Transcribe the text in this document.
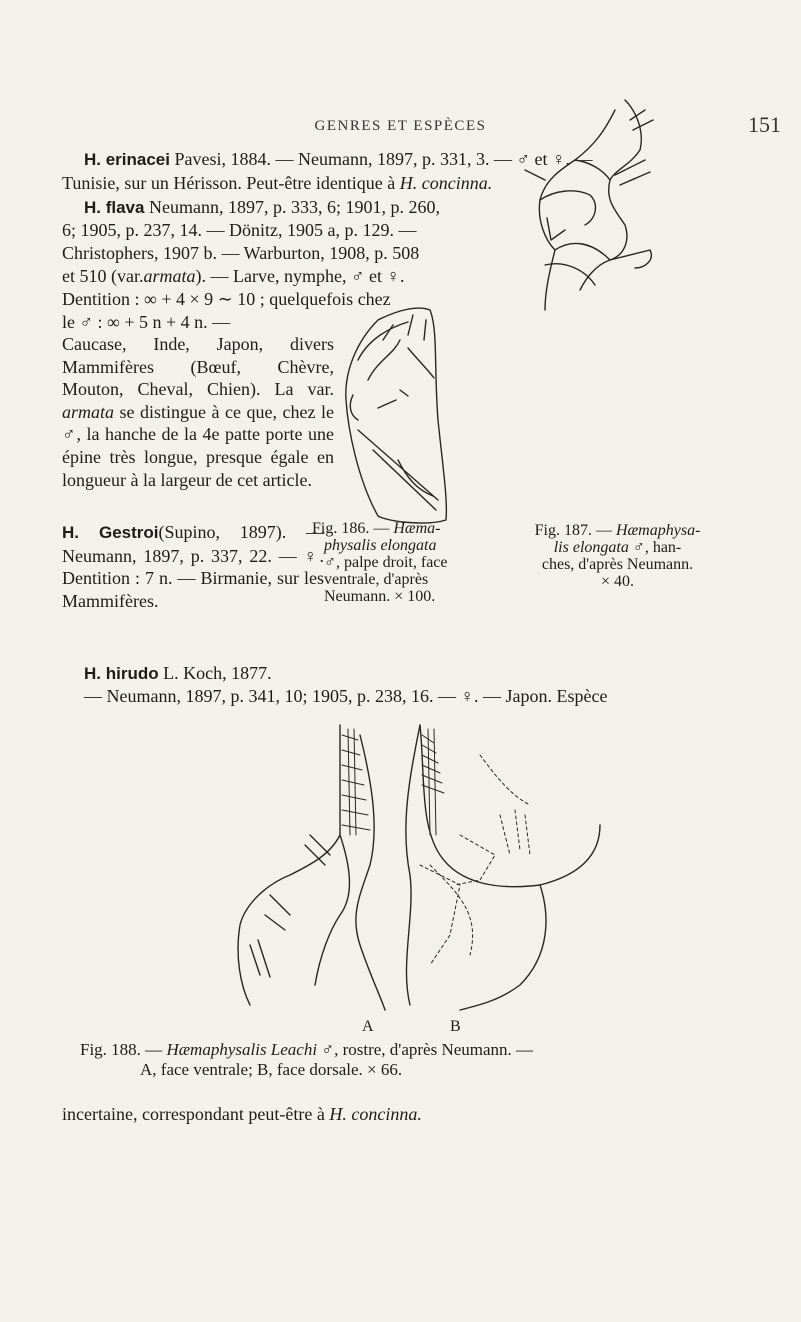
GENRES ET ESPÈCES	151
H. erinacei Pavesi, 1884. — Neumann, 1897, p. 331, 3. — ♂ et ♀. —
Tunisie, sur un Hérisson. Peut-être identique à H. concinna.
H. flava Neumann, 1897, p. 333, 6; 1901, p. 260,
6; 1905, p. 237, 14. — Dönitz, 1905 a, p. 129. —
Christophers, 1907 b. — Warburton, 1908, p. 508
et 510 (var.armata). — Larve, nymphe, ♂ et ♀.
Dentition : ∞ + 4 × 9 ∼ 10 ; quelquefois chez
le ♂ : ∞ + 5 n + 4 n. —

Caucase, Inde, Japon, divers Mammifères (Bœuf, Chèvre, Mouton, Cheval, Chien). La var. armata se distingue à ce que, chez le ♂, la hanche de la 4e patte porte une épine très longue, presque égale en longueur à la largeur de cet article.

H. Gestroi(Supino, 1897). — Neumann, 1897, p. 337, 22. — ♀. Dentition : 7 n. — Birmanie, sur les Mammifères.

H. hirudo L. Koch, 1877.
— Neumann, 1897, p. 341, 10; 1905, p. 238, 16. — ♀. — Japon. Espèce
Fig. 186. — Hæma-
physalis elongata
♂, palpe droit, face
ventrale, d'après
Neumann. × 100.
Fig. 187. — Hæmaphysa-
lis elongata ♂, han-
ches, d'après Neumann.
× 40.
A	B
Fig. 188. — Hæmaphysalis Leachi ♂, rostre, d'après Neumann. —
A, face ventrale; B, face dorsale. × 66.
incertaine, correspondant peut-être à H. concinna.
